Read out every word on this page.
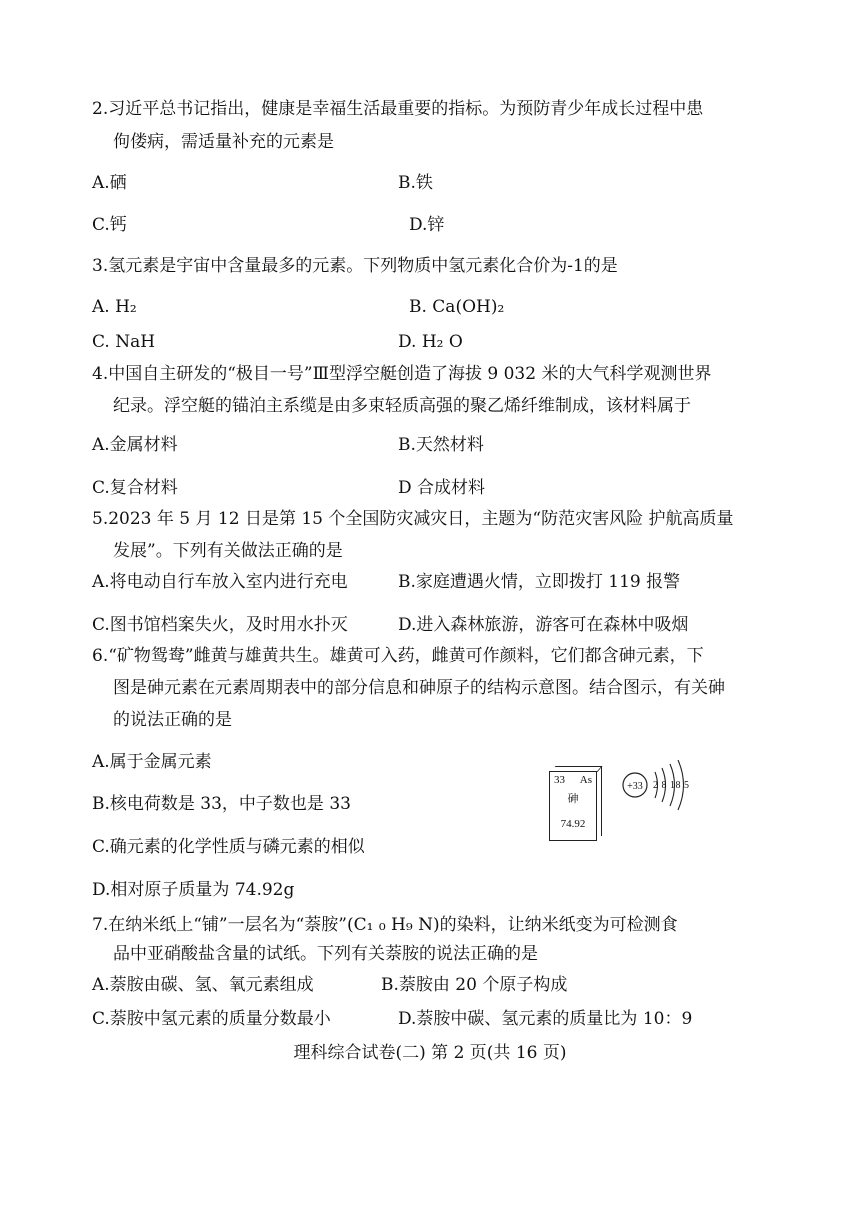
2.习近平总书记指出，健康是幸福生活最重要的指标。为预防青少年成长过程中患
佝偻病，需适量补充的元素是
A.硒	B.铁
C.钙	D.锌
3.氢元素是宇宙中含量最多的元素。下列物质中氢元素化合价为-1的是
A. H₂	B. Ca(OH)₂
C. NaH	D. H₂ O
4.中国自主研发的“极目一号”Ⅲ型浮空艇创造了海拔 9 032 米的大气科学观测世界
纪录。浮空艇的锚泊主系缆是由多束轻质高强的聚乙烯纤维制成，该材料属于
A.金属材料	B.天然材料
C.复合材料	D 合成材料
5.2023 年 5 月 12 日是第 15 个全国防灾减灾日，主题为“防范灾害风险 护航高质量
发展”。下列有关做法正确的是
A.将电动自行车放入室内进行充电	B.家庭遭遇火情，立即拨打 119 报警
C.图书馆档案失火，及时用水扑灭	D.进入森林旅游，游客可在森林中吸烟
6.“矿物鸳鸯”雌黄与雄黄共生。雄黄可入药，雌黄可作颜料，它们都含砷元素，下
图是砷元素在元素周期表中的部分信息和砷原子的结构示意图。结合图示，有关砷
的说法正确的是
A.属于金属元素
B.核电荷数是 33，中子数也是 33
C.确元素的化学性质与磷元素的相似
D.相对原子质量为 74.92g
33 As
砷
74.92
+33 2 8 18 5
7.在纳米纸上“铺”一层名为“萘胺”(C₁ ₀ H₉ N)的染料，让纳米纸变为可检测食
品中亚硝酸盐含量的试纸。下列有关萘胺的说法正确的是
A.萘胺由碳、氢、氧元素组成	B.萘胺由 20 个原子构成
C.萘胺中氢元素的质量分数最小	D.萘胺中碳、氢元素的质量比为 10：9
理科综合试卷(二) 第 2 页(共 16 页)
